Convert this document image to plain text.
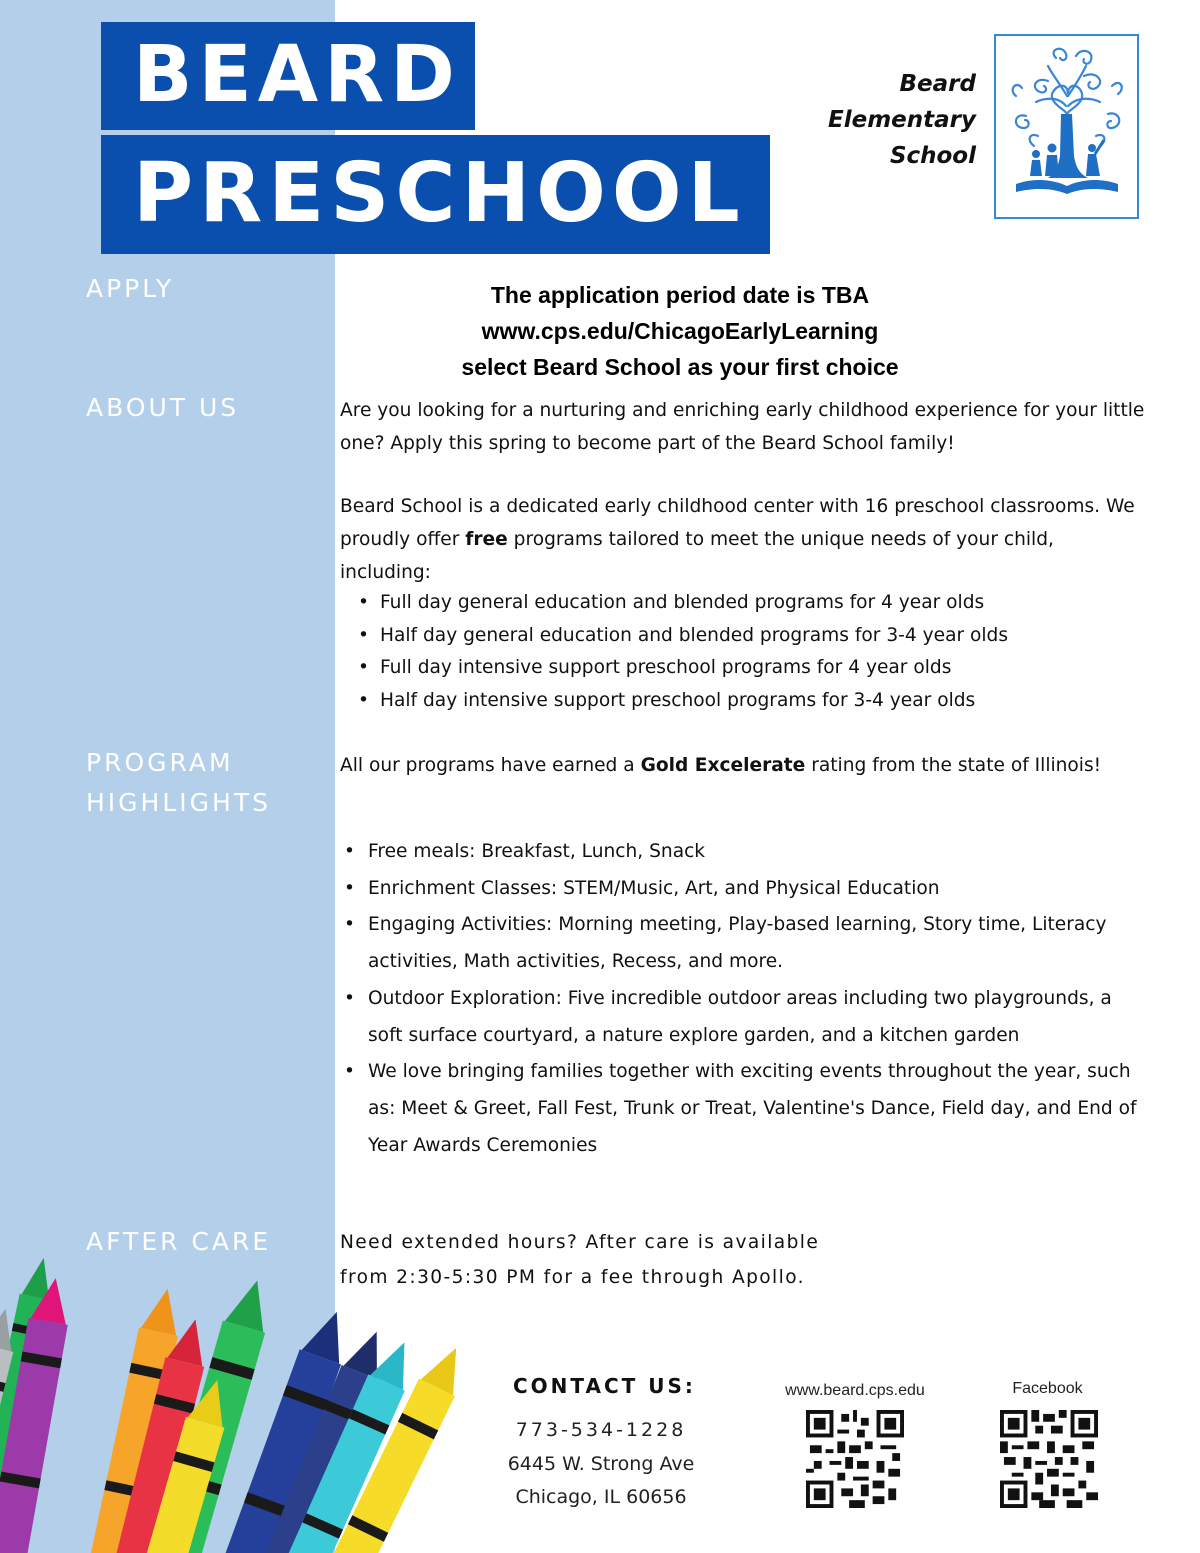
BEARD
PRESCHOOL
Beard
Elementary
School
APPLY
ABOUT US
PROGRAM
HIGHLIGHTS
AFTER CARE
The application period date is TBA
www.cps.edu/ChicagoEarlyLearning
select Beard School as your first choice
Are you looking for a nurturing and enriching early childhood experience for your little one? Apply this spring to become part of the Beard School family!
Beard School is a dedicated early childhood center with 16 preschool classrooms. We proudly offer free programs tailored to meet the unique needs of your child, including:
• Full day general education and blended programs for 4 year olds
• Half day general education and blended programs for 3-4 year olds
• Full day intensive support preschool programs for 4 year olds
• Half day intensive support preschool programs for 3-4 year olds
All our programs have earned a Gold Excelerate rating from the state of Illinois!
• Free meals: Breakfast, Lunch, Snack
• Enrichment Classes: STEM/Music, Art, and Physical Education
• Engaging Activities: Morning meeting, Play-based learning, Story time, Literacy activities, Math activities, Recess, and more.
• Outdoor Exploration: Five incredible outdoor areas including two playgrounds, a soft surface courtyard, a nature explore garden, and a kitchen garden
• We love bringing families together with exciting events throughout the year, such as: Meet & Greet, Fall Fest, Trunk or Treat, Valentine's Dance, Field day, and End of Year Awards Ceremonies
Need extended hours? After care is available
from 2:30-5:30 PM for a fee through Apollo.
CONTACT US:
773-534-1228
6445 W. Strong Ave
Chicago, IL 60656
www.beard.cps.edu	Facebook
